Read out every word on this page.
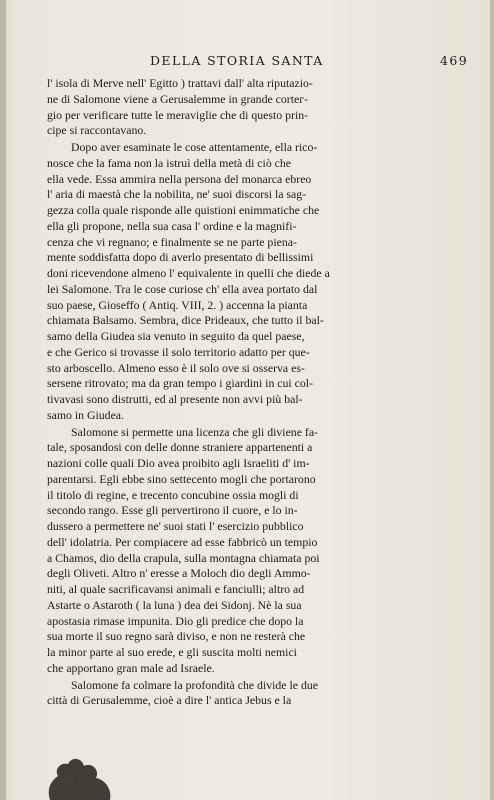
DELLA STORIA SANTA	469
l' isola di Merve nell' Egitto ) trattavi dall' alta riputazio-
ne di Salomone viene a Gerusalemme in grande cortег-
gio per verificare tutte le meraviglie che di questo prin-
cipe si raccontavano.
Dopo aver esaminate le cose attentamente, ella rico-
nosce che la fama non la istruì della metà di ciò che
ella vede. Essa ammira nella persona del monarca ebreo
l' aria di maestà che la nobilita, ne' suoi discorsi la sag-
gezza colla quale risponde alle quistioni enimmatiche che
ella gli propone, nella sua casa l' ordine e la magnifi-
cenza che vi regnano; e finalmente se ne parte piena-
mente soddisfatta dopo di averlo presentato di bellissimi
doni ricevendone almeno l' equivalente in quelli che diede a
lei Salomone. Tra le cose curiose ch' ella avea portato dal
suo paese, Gioseffo ( Antiq. VIII, 2. ) accenna la pianta
chiamata Balsamo. Sembra, dice Prideaux, che tutto il bal-
samo della Giudea sia venuto in seguito da quel paese,
e che Gerico si trovasse il solo territorio adatto per que-
sto arboscello. Almeno esso è il solo ove si osserva es-
sersene ritrovato; ma da gran tempo i giardini in cui col-
tivavasi sono distrutti, ed al presente non avvi più bal-
samo in Giudea.
Salomone si permette una licenza che gli diviene fa-
tale, sposandosi con delle donne straniere appartenenti a
nazioni colle quali Dio avea proibito agli Israeliti d' im-
parentarsi. Egli ebbe sino settecento mogli che portarono
il titolo di regine, e trecento concubine ossia mogli di
secondo rango. Esse gli pervertirono il cuore, e lo in-
dussero a permettere ne' suoi stati l' esercizio pubblico
dell' idolatria. Per compiacere ad esse fabbricò un tempio
a Chamos, dio della crapula, sulla montagna chiamata poi
degli Oliveti. Altro n' eresse a Moloch dio degli Ammo-
niti, al quale sacrificavansi animali e fanciulli; altro ad
Astarte o Astaroth ( la luna ) dea dei Sidonj. Nè la sua
apostasia rimase impunita. Dio gli predice che dopo la
sua morte il suo regno sarà diviso, e non ne resterà che
la minor parte al suo erede, e gli suscita molti nemici
che apportano gran male ad Israele.
Salomone fa colmare la profondità che divide le due
città di Gerusalemme, cioè a dire l' antica Jebus e la
